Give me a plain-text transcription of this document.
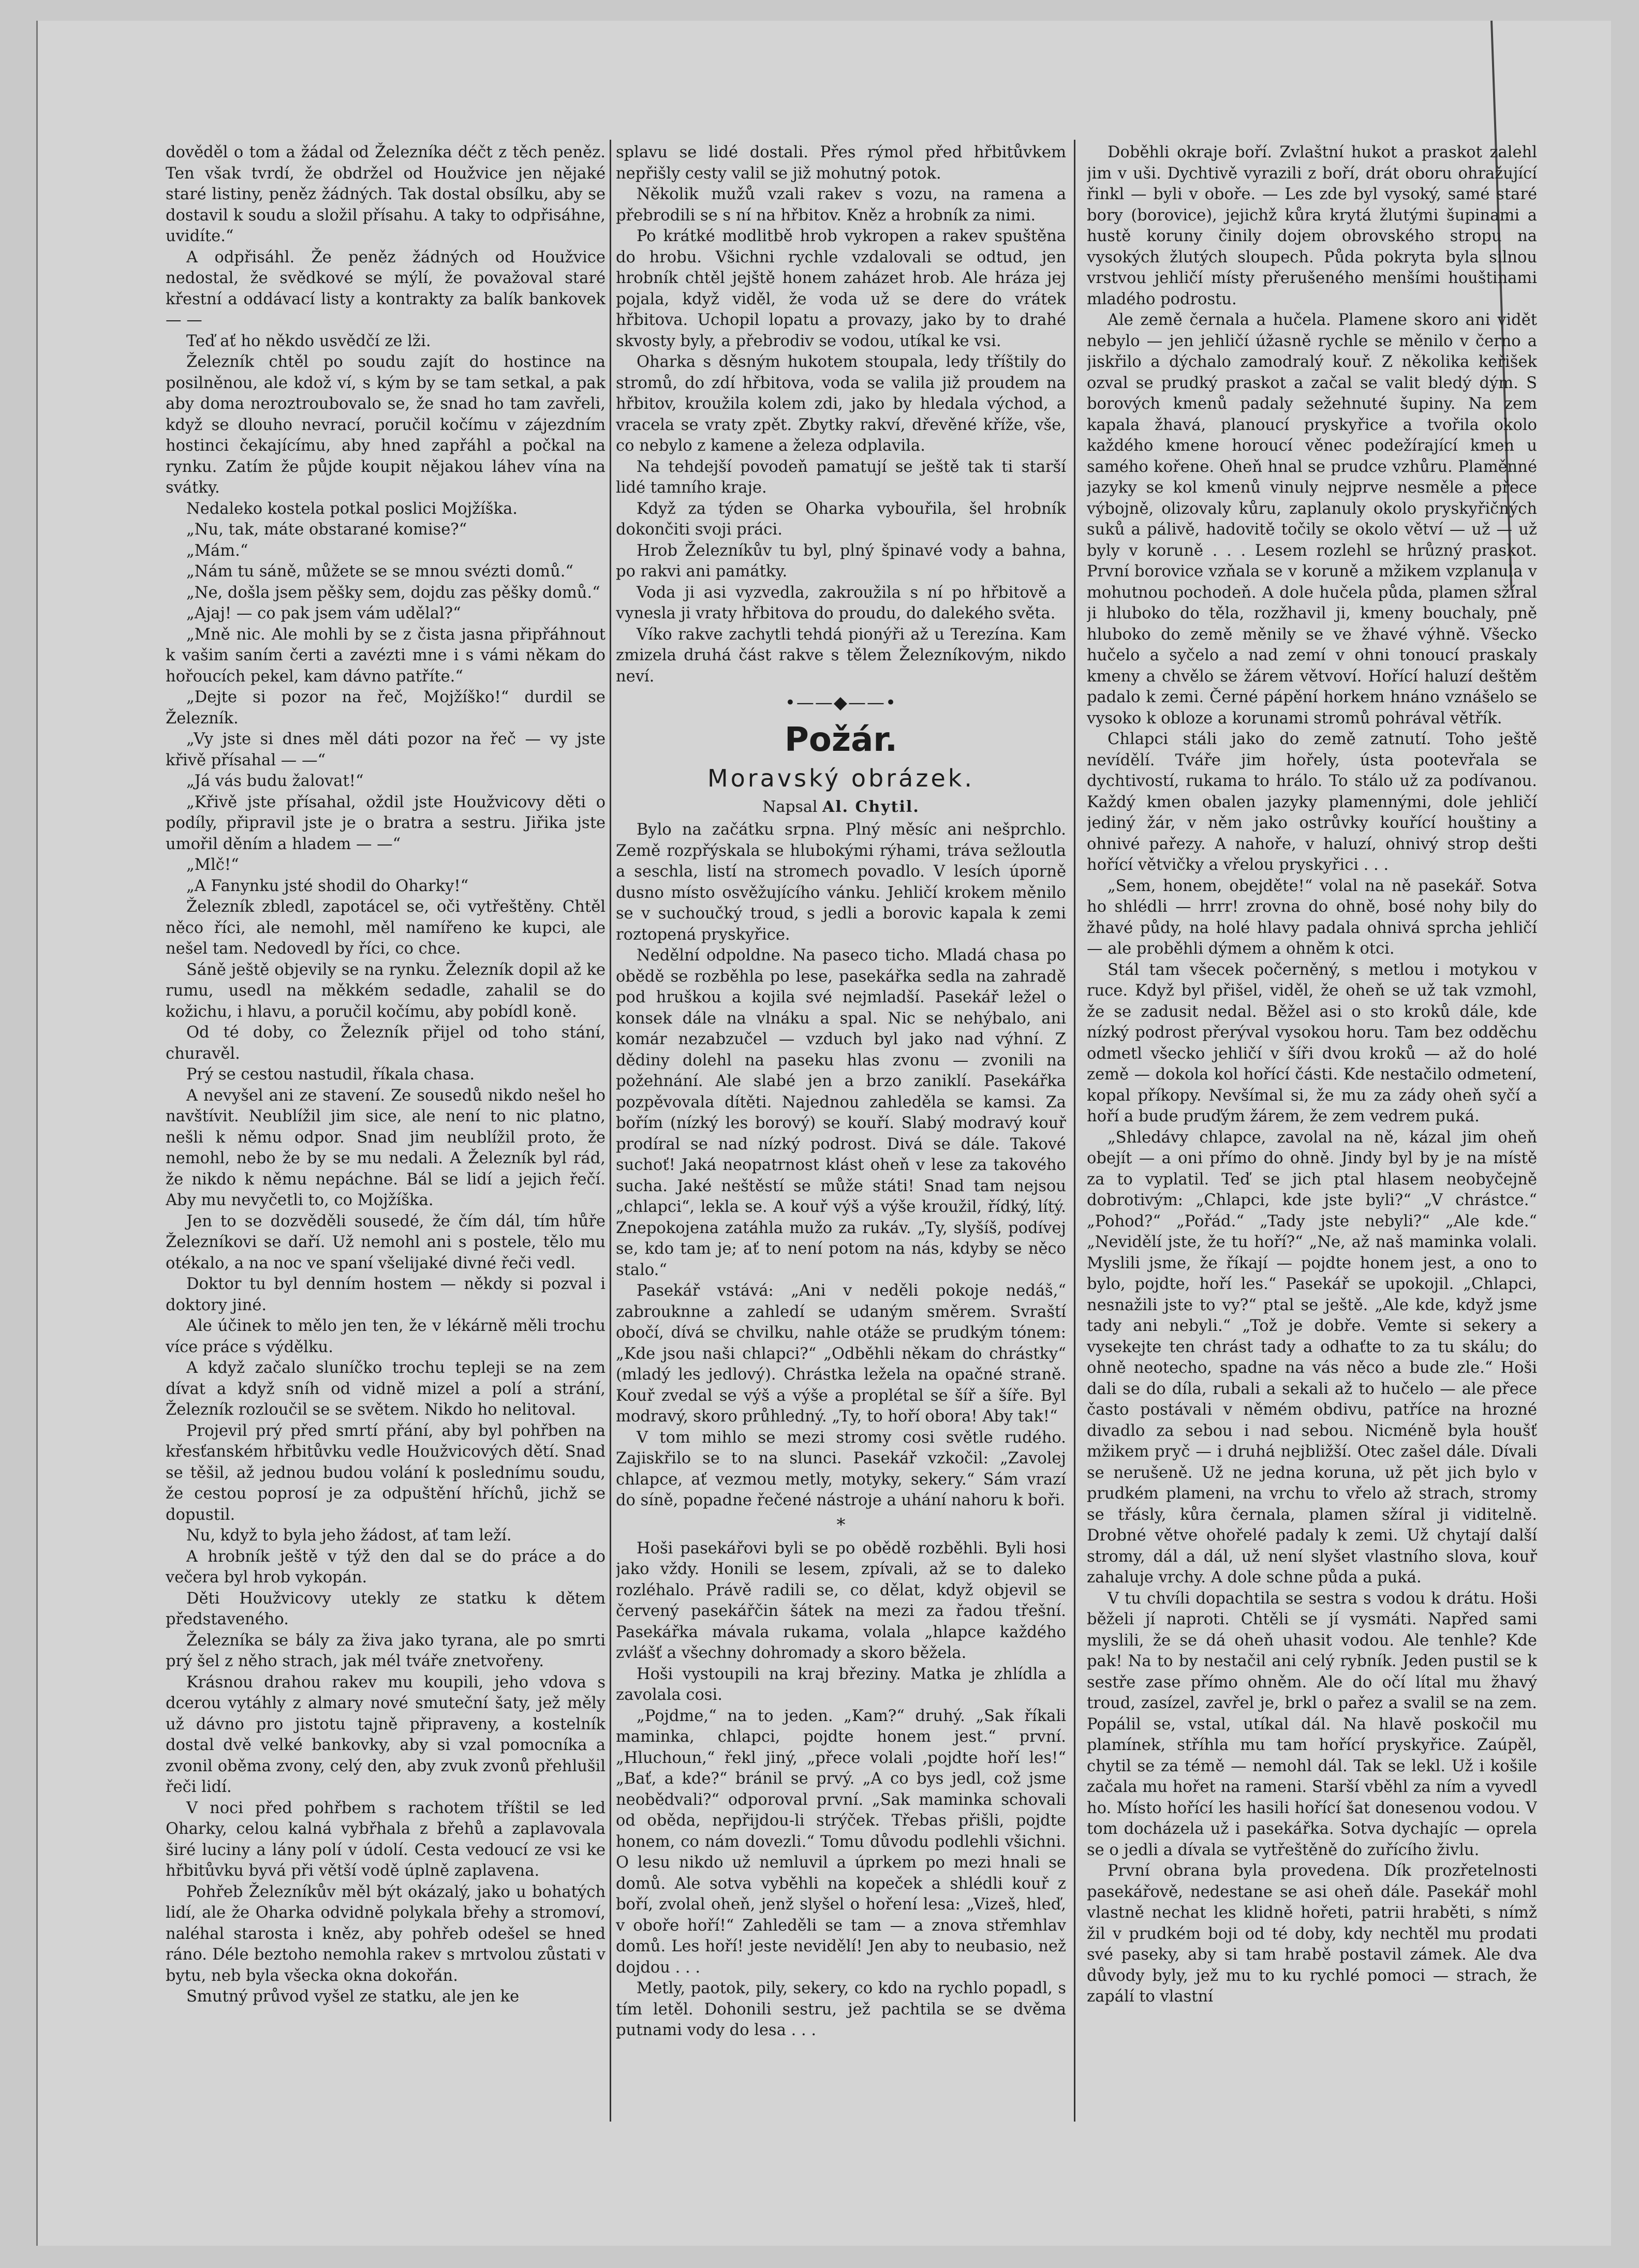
dověděl o tom a žádal od Železníka déčt z těch peněz. Ten však tvrdí, že obdržel od Houžvice jen nějaké staré listiny, peněz žádných. Tak dostal obsílku, aby se dostavil k soudu a složil přísahu. A taky to odpřisáhne, uvidíte.“

A odpřisáhl. Že peněz žádných od Houžvice nedostal, že svědkové se mýlí, že považoval staré křestní a oddávací listy a kontrakty za balík bankovek — —

Teď ať ho někdo usvědčí ze lži.

Železník chtěl po soudu zajít do hostince na posilněnou, ale kdož ví, s kým by se tam setkal, a pak aby doma neroztroubovalo se, že snad ho tam zavřeli, když se dlouho nevrací, poručil kočímu v zájezdním hostinci čekajícímu, aby hned zapřáhl a počkal na rynku. Zatím že půjde koupit nějakou láhev vína na svátky.

Nedaleko kostela potkal poslici Mojžíška.

„Nu, tak, máte obstarané komise?“

„Mám.“

„Nám tu sáně, můžete se se mnou svézti domů.“

„Ne, došla jsem pěšky sem, dojdu zas pěšky domů.“

„Ajaj! — co pak jsem vám udělal?“

„Mně nic. Ale mohli by se z čista jasna připřáhnout k vašim saním čerti a zavézti mne i s vámi někam do hořoucích pekel, kam dávno patříte.“

„Dejte si pozor na řeč, Mojžíško!“ durdil se Železník.

„Vy jste si dnes měl dáti pozor na řeč — vy jste křivě přísahal — —“

„Já vás budu žalovat!“

„Křivě jste přísahal, oždil jste Houžvicovy děti o podíly, připravil jste je o bratra a sestru. Jiřika jste umořil děním a hladem — —“

„Mlč!“

„A Fanynku jsté shodil do Oharky!“

Železník zbledl, zapotácel se, oči vytřeštěny. Chtěl něco říci, ale nemohl, měl namířeno ke kupci, ale nešel tam. Nedovedl by říci, co chce.

Sáně ještě objevily se na rynku. Železník dopil až ke rumu, usedl na měkkém sedadle, zahalil se do kožichu, i hlavu, a poručil kočímu, aby pobídl koně.

Od té doby, co Železník přijel od toho stání, churavěl.

Prý se cestou nastudil, říkala chasa.

A nevyšel ani ze stavení. Ze sousedů nikdo nešel ho navštívit. Neublížil jim sice, ale není to nic platno, nešli k němu odpor. Snad jim neublížil proto, že nemohl, nebo že by se mu nedali. A Železník byl rád, že nikdo k němu nepáchne. Bál se lidí a jejich řečí. Aby mu nevyčetli to, co Mojžíška.

Jen to se dozvěděli sousedé, že čím dál, tím hůře Železníkovi se daří. Už nemohl ani s postele, tělo mu otékalo, a na noc ve spaní všelijaké divné řeči vedl.

Doktor tu byl denním hostem — někdy si pozval i doktory jiné.

Ale účinek to mělo jen ten, že v lékárně měli trochu více práce s výdělku.

A když začalo sluníčko trochu tepleji se na zem dívat a když sníh od vidně mizel a polí a strání, Železník rozloučil se se světem. Nikdo ho nelitoval.

Projevil prý před smrtí přání, aby byl pohřben na křesťanském hřbitůvku vedle Houžvicových dětí. Snad se těšil, až jednou budou volání k poslednímu soudu, že cestou poprosí je za odpuštění hříchů, jichž se dopustil.

Nu, když to byla jeho žádost, ať tam leží.

A hrobník ještě v týž den dal se do práce a do večera byl hrob vykopán.

Děti Houžvicovy utekly ze statku k dětem představeného.

Železníka se bály za živa jako tyrana, ale po smrti prý šel z něho strach, jak mél tváře znetvořeny.

Krásnou drahou rakev mu koupili, jeho vdova s dcerou vytáhly z almary nové smuteční šaty, jež měly už dávno pro jistotu tajně připraveny, a kostelník dostal dvě velké bankovky, aby si vzal pomocníka a zvonil oběma zvony, celý den, aby zvuk zvonů přehlušil řeči lidí.

V noci před pohřbem s rachotem tříštil se led Oharky, celou kalná vybřhala z břehů a zaplavovala širé luciny a lány polí v údolí. Cesta vedoucí ze vsi ke hřbitůvku byvá při větší vodě úplně zaplavena.

Pohřeb Železníkův měl být okázalý, jako u bohatých lidí, ale že Oharka odvidně polykala břehy a stromoví, naléhal starosta i kněz, aby pohřeb odešel se hned ráno. Déle beztoho nemohla rakev s mrtvolou zůstati v bytu, neb byla všecka okna dokořán.

Smutný průvod vyšel ze statku, ale jen ke

splavu se lidé dostali. Přes rýmol před hřbitůvkem nepřišly cesty valil se již mohutný potok.

Několik mužů vzali rakev s vozu, na ramena a přebrodili se s ní na hřbitov. Kněz a hrobník za nimi.

Po krátké modlitbě hrob vykropen a rakev spuštěna do hrobu. Všichni rychle vzdalovali se odtud, jen hrobník chtěl jejště honem zaházet hrob. Ale hráza jej pojala, když viděl, že voda už se dere do vrátek hřbitova. Uchopil lopatu a provazy, jako by to drahé skvosty byly, a přebrodiv se vodou, utíkal ke vsi.

Oharka s děsným hukotem stoupala, ledy tříštily do stromů, do zdí hřbitova, voda se valila již proudem na hřbitov, kroužila kolem zdi, jako by hledala východ, a vracela se vraty zpět. Zbytky rakví, dřevěné kříže, vše, co nebylo z kamene a železa odplavila.

Na tehdejší povodeň pamatují se ještě tak ti starší lidé tamního kraje.

Když za týden se Oharka vybouřila, šel hrobník dokončiti svoji práci.

Hrob Železníkův tu byl, plný špinavé vody a bahna, po rakvi ani památky.

Voda ji asi vyzvedla, zakroužila s ní po hřbitově a vynesla ji vraty hřbitova do proudu, do dalekého světa.

Víko rakve zachytli tehdá pionýři až u Terezína. Kam zmizela druhá část rakve s tělem Železníkovým, nikdo neví.

•——◆——•
Požár.
Moravský obrázek.
Napsal Al. Chytil.

Bylo na začátku srpna. Plný měsíc ani nešprchlo. Země rozpřýskala se hlubokými rýhami, tráva sežloutla a seschla, listí na stromech povadlo. V lesích úporně dusno místo osvěžujícího vánku. Jehličí krokem měnilo se v suchoučký troud, s jedli a borovic kapala k zemi roztopená pryskyřice.

Nedělní odpoldne. Na paseco ticho. Mladá chasa po obědě se rozběhla po lese, pasekářka sedla na zahradě pod hruškou a kojila své nejmladší. Pasekář ležel o konsek dále na vlnáku a spal. Nic se nehýbalo, ani komár nezabzučel — vzduch byl jako nad výhní. Z dědiny dolehl na paseku hlas zvonu — zvonili na požehnání. Ale slabé jen a brzo zaniklí. Pasekářka pozpěvovala dítěti. Najednou zahleděla se kamsi. Za bořím (nízký les borový) se kouří. Slabý modravý kouř prodíral se nad nízký podrost. Divá se dále. Takové suchoť! Jaká neopatrnost klást oheň v lese za takového sucha. Jaké neštěstí se může státi! Snad tam nejsou „chlapci“, lekla se. A kouř výš a výše kroužil, řídký, lítý. Znepokojena zatáhla mužo za rukáv. „Ty, slyšíš, podívej se, kdo tam je; ať to není potom na nás, kdyby se něco stalo.“

Pasekář vstává: „Ani v neděli pokoje nedáš,“ zabrouknne a zahledí se udaným směrem. Svraští obočí, dívá se chvilku, nahle otáže se prudkým tónem: „Kde jsou naši chlapci?“ „Odběhli někam do chrástky“ (mladý les jedlový). Chrástka ležela na opačné straně. Kouř zvedal se výš a výše a proplétal se šíř a šíře. Byl modravý, skoro průhledný. „Ty, to hoří obora! Aby tak!“

V tom mihlo se mezi stromy cosi světle rudého. Zajiskřilo se to na slunci. Pasekář vzkočil: „Zavolej chlapce, ať vezmou metly, motyky, sekery.“ Sám vrazí do síně, popadne řečené nástroje a uhání nahoru k boři.

*

Hoši pasekářovi byli se po obědě rozběhli. Byli hosi jako vždy. Honili se lesem, zpívali, až se to daleko rozléhalo. Právě radili se, co dělat, když objevil se červený pasekářčin šátek na mezi za řadou třešní. Pasekářka mávala rukama, volala „hlapce každého zvlášť a všechny dohromady a skoro běžela.

Hoši vystoupili na kraj březiny. Matka je zhlídla a zavolala cosi.

„Pojdme,“ na to jeden. „Kam?“ druhý. „Sak říkali maminka, chlapci, pojdte honem jest.“ první. „Hluchoun,“ řekl jiný, „přece volali ,pojdte hoří les!“ „Bať, a kde?“ bránil se prvý. „A co bys jedl, což jsme neobědvali?“ odporoval první. „Sak maminka schovali od oběda, nepřijdou-li strýček. Třebas přišli, pojdte honem, co nám dovezli.“ Tomu důvodu podlehli všichni. O lesu nikdo už nemluvil a úprkem po mezi hnali se domů. Ale sotva vyběhli na kopeček a shlédli kouř z boří, zvolal oheň, jenž slyšel o hoření lesa: „Vizeš, hleď, v oboře hoří!“ Zahleděli se tam — a znova střemhlav domů. Les hoří! jeste nevidělí! Jen aby to neubasio, než dojdou . . .

Metly, paotok, pily, sekery, co kdo na rychlo popadl, s tím letěl. Dohonili sestru, jež pachtila se se dvěma putnami vody do lesa . . .

Doběhli okraje boří. Zvlaštní hukot a praskot zalehl jim v uši. Dychtivě vyrazili z boří, drát oboru ohražující řinkl — byli v oboře. — Les zde byl vysoký, samé staré bory (borovice), jejichž kůra krytá žlutými šupinami a hustě koruny činily dojem obrovského stropu na vysokých žlutých sloupech. Půda pokryta byla silnou vrstvou jehličí místy přerušeného menšími houštinami mladého podrostu.

Ale země černala a hučela. Plamene skoro ani vidět nebylo — jen jehličí úžasně rychle se měnilo v černo a jiskřilo a dýchalo zamodralý kouř. Z několika keřišek ozval se prudký praskot a začal se valit bledý dým. S borových kmenů padaly sežehnuté šupiny. Na zem kapala žhavá, planoucí pryskyřice a tvořila okolo každého kmene horoucí věnec podežírající kmen u samého kořene. Oheň hnal se prudce vzhůru. Plaměnné jazyky se kol kmenů vinuly nejprve nesměle a přece výbojně, olizovaly kůru, zaplanuly okolo pryskyřičných suků a pálivě, hadovitě točily se okolo větví — už — už byly v koruně . . . Lesem rozlehl se hrůzný praskot. První borovice vzňala se v koruně a mžikem vzplanula v mohutnou pochodeň. A dole hučela půda, plamen sžíral ji hluboko do těla, rozžhavil ji, kmeny bouchaly, pně hluboko do země měnily se ve žhavé výhně. Všecko hučelo a syčelo a nad zemí v ohni tonoucí praskaly kmeny a chvělo se žárem větvoví. Hořící haluzí deštěm padalo k zemi. Černé pápění horkem hnáno vznášelo se vysoko k obloze a korunami stromů pohrával větřík.

Chlapci stáli jako do země zatnutí. Toho ještě nevídělí. Tváře jim hořely, ústa pootevřala se dychtivostí, rukama to hrálo. To stálo už za podívanou. Každý kmen obalen jazyky plamennými, dole jehličí jediný žár, v něm jako ostrůvky kouřící houštiny a ohnivé pařezy. A nahoře, v haluzí, ohnivý strop dešti hořící větvičky a vřelou pryskyřici . . .

„Sem, honem, obejděte!“ volal na ně pasekář. Sotva ho shlédli — hrrr! zrovna do ohně, bosé nohy bily do žhavé půdy, na holé hlavy padala ohnivá sprcha jehličí — ale proběhli dýmem a ohněm k otci.

Stál tam všecek počerněný, s metlou i motykou v ruce. Když byl přišel, viděl, že oheň se už tak vzmohl, že se zadusit nedal. Běžel asi o sto kroků dále, kde nízký podrost přerýval vysokou horu. Tam bez odděchu odmetl všecko jehličí v šíři dvou kroků — až do holé země — dokola kol hořící části. Kde nestačilo odmetení, kopal příkopy. Nevšímal si, že mu za zády oheň syčí a hoří a bude pruďým žárem, že zem vedrem puká.

„Shledávy chlapce, zavolal na ně, kázal jim oheň obejít — a oni přímo do ohně. Jindy byl by je na místě za to vyplatil. Teď se jich ptal hlasem neobyčejně dobrotivým: „Chlapci, kde jste byli?“ „V chrástce.“ „Pohod?“ „Pořád.“ „Tady jste nebyli?“ „Ale kde.“ „Nevidělí jste, že tu hoří?“ „Ne, až naš maminka volali. Myslili jsme, že říkají — pojdte honem jest, a ono to bylo, pojdte, hoří les.“ Pasekář se upokojil. „Chlapci, nesnažili jste to vy?“ ptal se ještě. „Ale kde, když jsme tady ani nebyli.“ „Tož je dobře. Vemte si sekery a vysekejte ten chrást tady a odhaťte to za tu skálu; do ohně neotecho, spadne na vás něco a bude zle.“ Hoši dali se do díla, rubali a sekali až to hučelo — ale přece často postávali v němém obdivu, patříce na hrozné divadlo za sebou i nad sebou. Nicméně byla houšť mžikem pryč — i druhá nejbližší. Otec zašel dále. Dívali se nerušeně. Už ne jedna koruna, už pět jich bylo v prudkém plameni, na vrchu to vřelo až strach, stromy se třásly, kůra černala, plamen sžíral ji viditelně. Drobné větve ohořelé padaly k zemi. Už chytají další stromy, dál a dál, už není slyšet vlastního slova, kouř zahaluje vrchy. A dole schne půda a puká.

V tu chvíli dopachtila se sestra s vodou k drátu. Hoši běželi jí naproti. Chtěli se jí vysmáti. Napřed sami myslili, že se dá oheň uhasit vodou. Ale tenhle? Kde pak! Na to by nestačil ani celý rybník. Jeden pustil se k sestře zase přímo ohněm. Ale do očí lítal mu žhavý troud, zasízel, zavřel je, brkl o pařez a svalil se na zem. Popálil se, vstal, utíkal dál. Na hlavě poskočil mu plamínek, stříhla mu tam hořící pryskyřice. Zaúpěl, chytil se za témě — nemohl dál. Tak se lekl. Už i košile začala mu hořet na rameni. Starší vběhl za ním a vyvedl ho. Místo hořící les hasili hořící šat donesenou vodou. V tom docházela už i pasekářka. Sotva dychajíc — oprela se o jedli a dívala se vytřeštěně do zuřícího živlu.

První obrana byla provedena. Dík prozřetelnosti pasekářově, nedestane se asi oheň dále. Pasekář mohl vlastně nechat les klidně hořeti, patrii hraběti, s nímž žil v prudkém boji od té doby, kdy nechtěl mu prodati své paseky, aby si tam hrabě postavil zámek. Ale dva důvody byly, jež mu to ku rychlé pomoci — strach, že zapálí to vlastní
